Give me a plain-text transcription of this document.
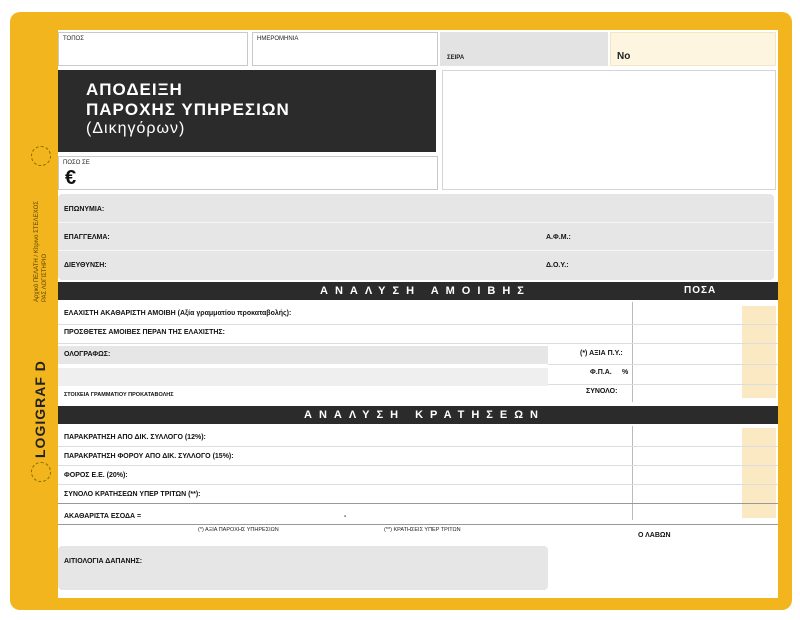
LOGIGRAF D
Αρχικό ΠΕΛΑΤΗ / Κίτρινο ΣΤΕΛΕΧΟΣ ΡΑΣ ΛΟΓΙΣΤΗΡΙΟ
ΤΟΠΟΣ	ΗΜΕΡΟΜΗΝΙΑ
ΣΕΙΡΑ	No
ΑΠΟΔΕΙΞΗ
ΠΑΡΟΧΗΣ ΥΠΗΡΕΣΙΩΝ
(Δικηγόρων)
ΠΟΣΟ ΣΕ
€
ΕΠΩΝΥΜΙΑ:
ΕΠΑΓΓΕΛΜΑ:	Α.Φ.Μ.:
ΔΙΕΥΘΥΝΣΗ:	Δ.Ο.Υ.:
ΑΝΑΛΥΣΗ ΑΜΟΙΒΗΣ	ΠΟΣΑ
ΕΛΑΧΙΣΤΗ ΑΚΑΘΑΡΙΣΤΗ ΑΜΟΙΒΗ (Αξία γραμματίου προκαταβολής):
ΠΡΟΣΘΕΤΕΣ ΑΜΟΙΒΕΣ ΠΕΡΑΝ ΤΗΣ ΕΛΑΧΙΣΤΗΣ:
ΟΛΟΓΡΑΦΩΣ:	(*) ΑΞΙΑ Π.Υ.:
Φ.Π.Α. %
ΣΤΟΙΧΕΙΑ ΓΡΑΜΜΑΤΙΟΥ ΠΡΟΚΑΤΑΒΟΛΗΣ	ΣΥΝΟΛΟ:
ΑΝΑΛΥΣΗ ΚΡΑΤΗΣΕΩΝ
ΠΑΡΑΚΡΑΤΗΣΗ ΑΠΟ ΔΙΚ. ΣΥΛΛΟΓΟ (12%):
ΠΑΡΑΚΡΑΤΗΣΗ ΦΟΡΟΥ ΑΠΟ ΔΙΚ. ΣΥΛΛΟΓΟ (15%):
ΦΟΡΟΣ Ε.Ε. (20%):
ΣΥΝΟΛΟ ΚΡΑΤΗΣΕΩΝ ΥΠΕΡ ΤΡΙΤΩΝ (**):
ΑΚΑΘΑΡΙΣΤΑ ΕΣΟΔΑ =	-
(*) ΑΞΙΑ ΠΑΡΟΧΗΣ ΥΠΗΡΕΣΙΩΝ	(**) ΚΡΑΤΗΣΕΙΣ ΥΠΕΡ ΤΡΙΤΩΝ
Ο ΛΑΒΩΝ
ΑΙΤΙΟΛΟΓΙΑ ΔΑΠΑΝΗΣ:
